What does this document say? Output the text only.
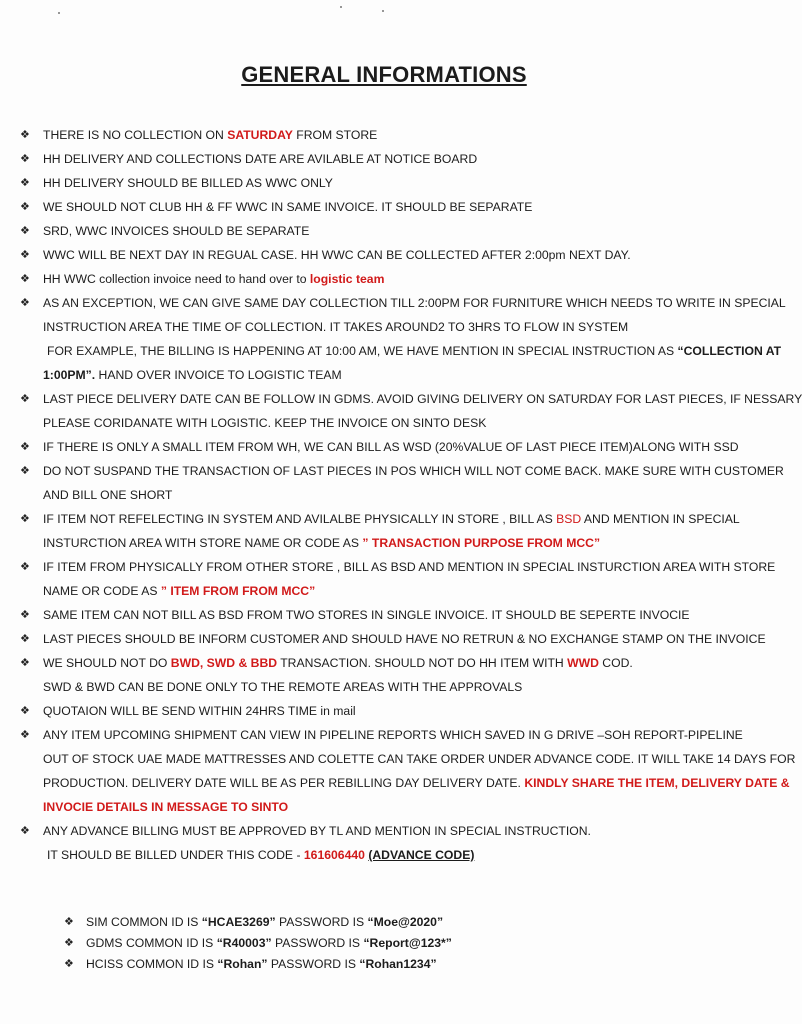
GENERAL INFORMATIONS
❖	THERE IS NO COLLECTION ON SATURDAY FROM STORE
❖	HH DELIVERY AND COLLECTIONS DATE ARE AVILABLE AT NOTICE BOARD
❖	HH DELIVERY SHOULD BE BILLED AS WWC ONLY
❖	WE SHOULD NOT CLUB HH & FF WWC IN SAME INVOICE. IT SHOULD BE SEPARATE
❖	SRD, WWC INVOICES SHOULD BE SEPARATE
❖	WWC WILL BE NEXT DAY IN REGUAL CASE. HH WWC CAN BE COLLECTED AFTER 2:00pm NEXT DAY.
❖	HH WWC collection invoice need to hand over to logistic team
❖	AS AN EXCEPTION, WE CAN GIVE SAME DAY COLLECTION TILL 2:00PM FOR FURNITURE WHICH NEEDS TO WRITE IN SPECIAL
INSTRUCTION AREA THE TIME OF COLLECTION. IT TAKES AROUND2 TO 3HRS TO FLOW IN SYSTEM
FOR EXAMPLE, THE BILLING IS HAPPENING AT 10:00 AM, WE HAVE MENTION IN SPECIAL INSTRUCTION AS “COLLECTION AT
1:00PM”. HAND OVER INVOICE TO LOGISTIC TEAM
❖	LAST PIECE DELIVERY DATE CAN BE FOLLOW IN GDMS. AVOID GIVING DELIVERY ON SATURDAY FOR LAST PIECES, IF NESSARY
PLEASE CORIDANATE WITH LOGISTIC. KEEP THE INVOICE ON SINTO DESK
❖	IF THERE IS ONLY A SMALL ITEM FROM WH, WE CAN BILL AS WSD (20%VALUE OF LAST PIECE ITEM)ALONG WITH SSD
❖	DO NOT SUSPAND THE TRANSACTION OF LAST PIECES IN POS WHICH WILL NOT COME BACK. MAKE SURE WITH CUSTOMER
AND BILL ONE SHORT
❖	IF ITEM NOT REFELECTING IN SYSTEM AND AVILALBE PHYSICALLY IN STORE , BILL AS BSD AND MENTION IN SPECIAL
INSTURCTION AREA WITH STORE NAME OR CODE AS ” TRANSACTION PURPOSE FROM MCC”
❖	IF ITEM FROM PHYSICALLY FROM OTHER STORE , BILL AS BSD AND MENTION IN SPECIAL INSTURCTION AREA WITH STORE
NAME OR CODE AS ” ITEM FROM FROM MCC”
❖	SAME ITEM CAN NOT BILL AS BSD FROM TWO STORES IN SINGLE INVOICE. IT SHOULD BE SEPERTE INVOCIE
❖	LAST PIECES SHOULD BE INFORM CUSTOMER AND SHOULD HAVE NO RETRUN & NO EXCHANGE STAMP ON THE INVOICE
❖	WE SHOULD NOT DO BWD, SWD & BBD TRANSACTION. SHOULD NOT DO HH ITEM WITH WWD COD.
SWD & BWD CAN BE DONE ONLY TO THE REMOTE AREAS WITH THE APPROVALS
❖	QUOTAION WILL BE SEND WITHIN 24HRS TIME in mail
❖	ANY ITEM UPCOMING SHIPMENT CAN VIEW IN PIPELINE REPORTS WHICH SAVED IN G DRIVE –SOH REPORT-PIPELINE
OUT OF STOCK UAE MADE MATTRESSES AND COLETTE CAN TAKE ORDER UNDER ADVANCE CODE. IT WILL TAKE 14 DAYS FOR
PRODUCTION. DELIVERY DATE WILL BE AS PER REBILLING DAY DELIVERY DATE. KINDLY SHARE THE ITEM, DELIVERY DATE &
INVOCIE DETAILS IN MESSAGE TO SINTO
❖	ANY ADVANCE BILLING MUST BE APPROVED BY TL AND MENTION IN SPECIAL INSTRUCTION.
IT SHOULD BE BILLED UNDER THIS CODE - 161606440 (ADVANCE CODE)
❖ SIM COMMON ID IS “HCAE3269” PASSWORD IS “Moe@2020”
❖ GDMS COMMON ID IS “R40003” PASSWORD IS “Report@123*”
❖ HCISS COMMON ID IS “Rohan” PASSWORD IS “Rohan1234”
